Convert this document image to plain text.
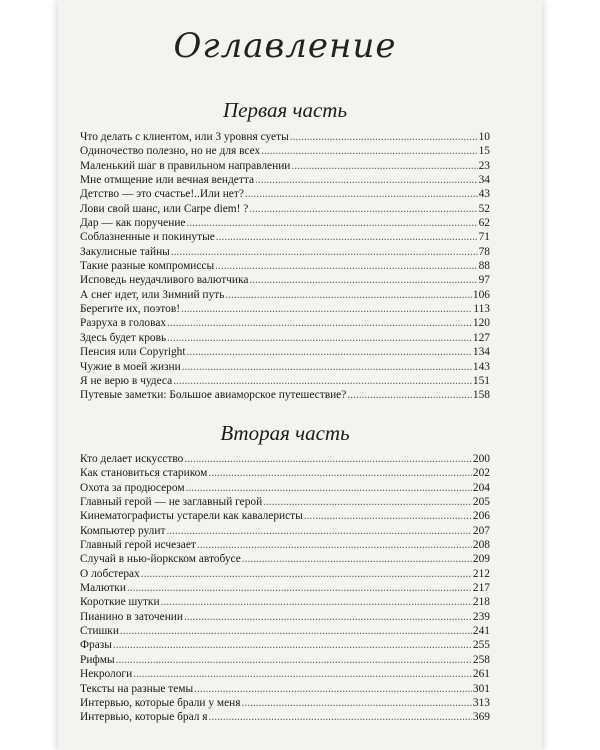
Оглавление
Первая часть
Что делать с клиентом, или 3 уровня суеты .....	10
Одиночество полезно, но не для всех .....	15
Маленький шаг в правильном направлении .....	23
Мне отмщение или вечная вендетта .....	34
Детство — это счастье!..Или нет? .....	43
Лови свой шанс, или Carpe diem! ? .....	52
Дар — как поручение .....	62
Соблазненные и покинутые .....	71
Закулисные тайны .....	78
Такие разные компромиссы .....	88
Исповедь неудачливого валютчика .....	97
А снег идет, или Зимний путь .....	106
Берегите их, поэтов! .....	113
Разруха в головах .....	120
Здесь будет кровь .....	127
Пенсия или Copyright .....	134
Чужие в моей жизни .....	143
Я не верю в чудеса .....	151
Путевые заметки: Большое авиаморское путешествие? .....	158
Вторая часть
Кто делает искусство .....	200
Как становиться стариком .....	202
Охота за продюсером .....	204
Главный герой — не заглавный герой .....	205
Кинематографисты устарели как кавалеристы .....	206
Компьютер рулит .....	207
Главный герой исчезает .....	208
Случай в нью-йоркском автобусе .....	209
О лобстерах .....	212
Малютки .....	217
Короткие шутки .....	218
Пианино в заточении .....	239
Стишки .....	241
Фразы .....	255
Рифмы .....	258
Некрологи .....	261
Тексты на разные темы .....	301
Интервью, которые брали у меня .....	313
Интервью, которые брал я .....	369
